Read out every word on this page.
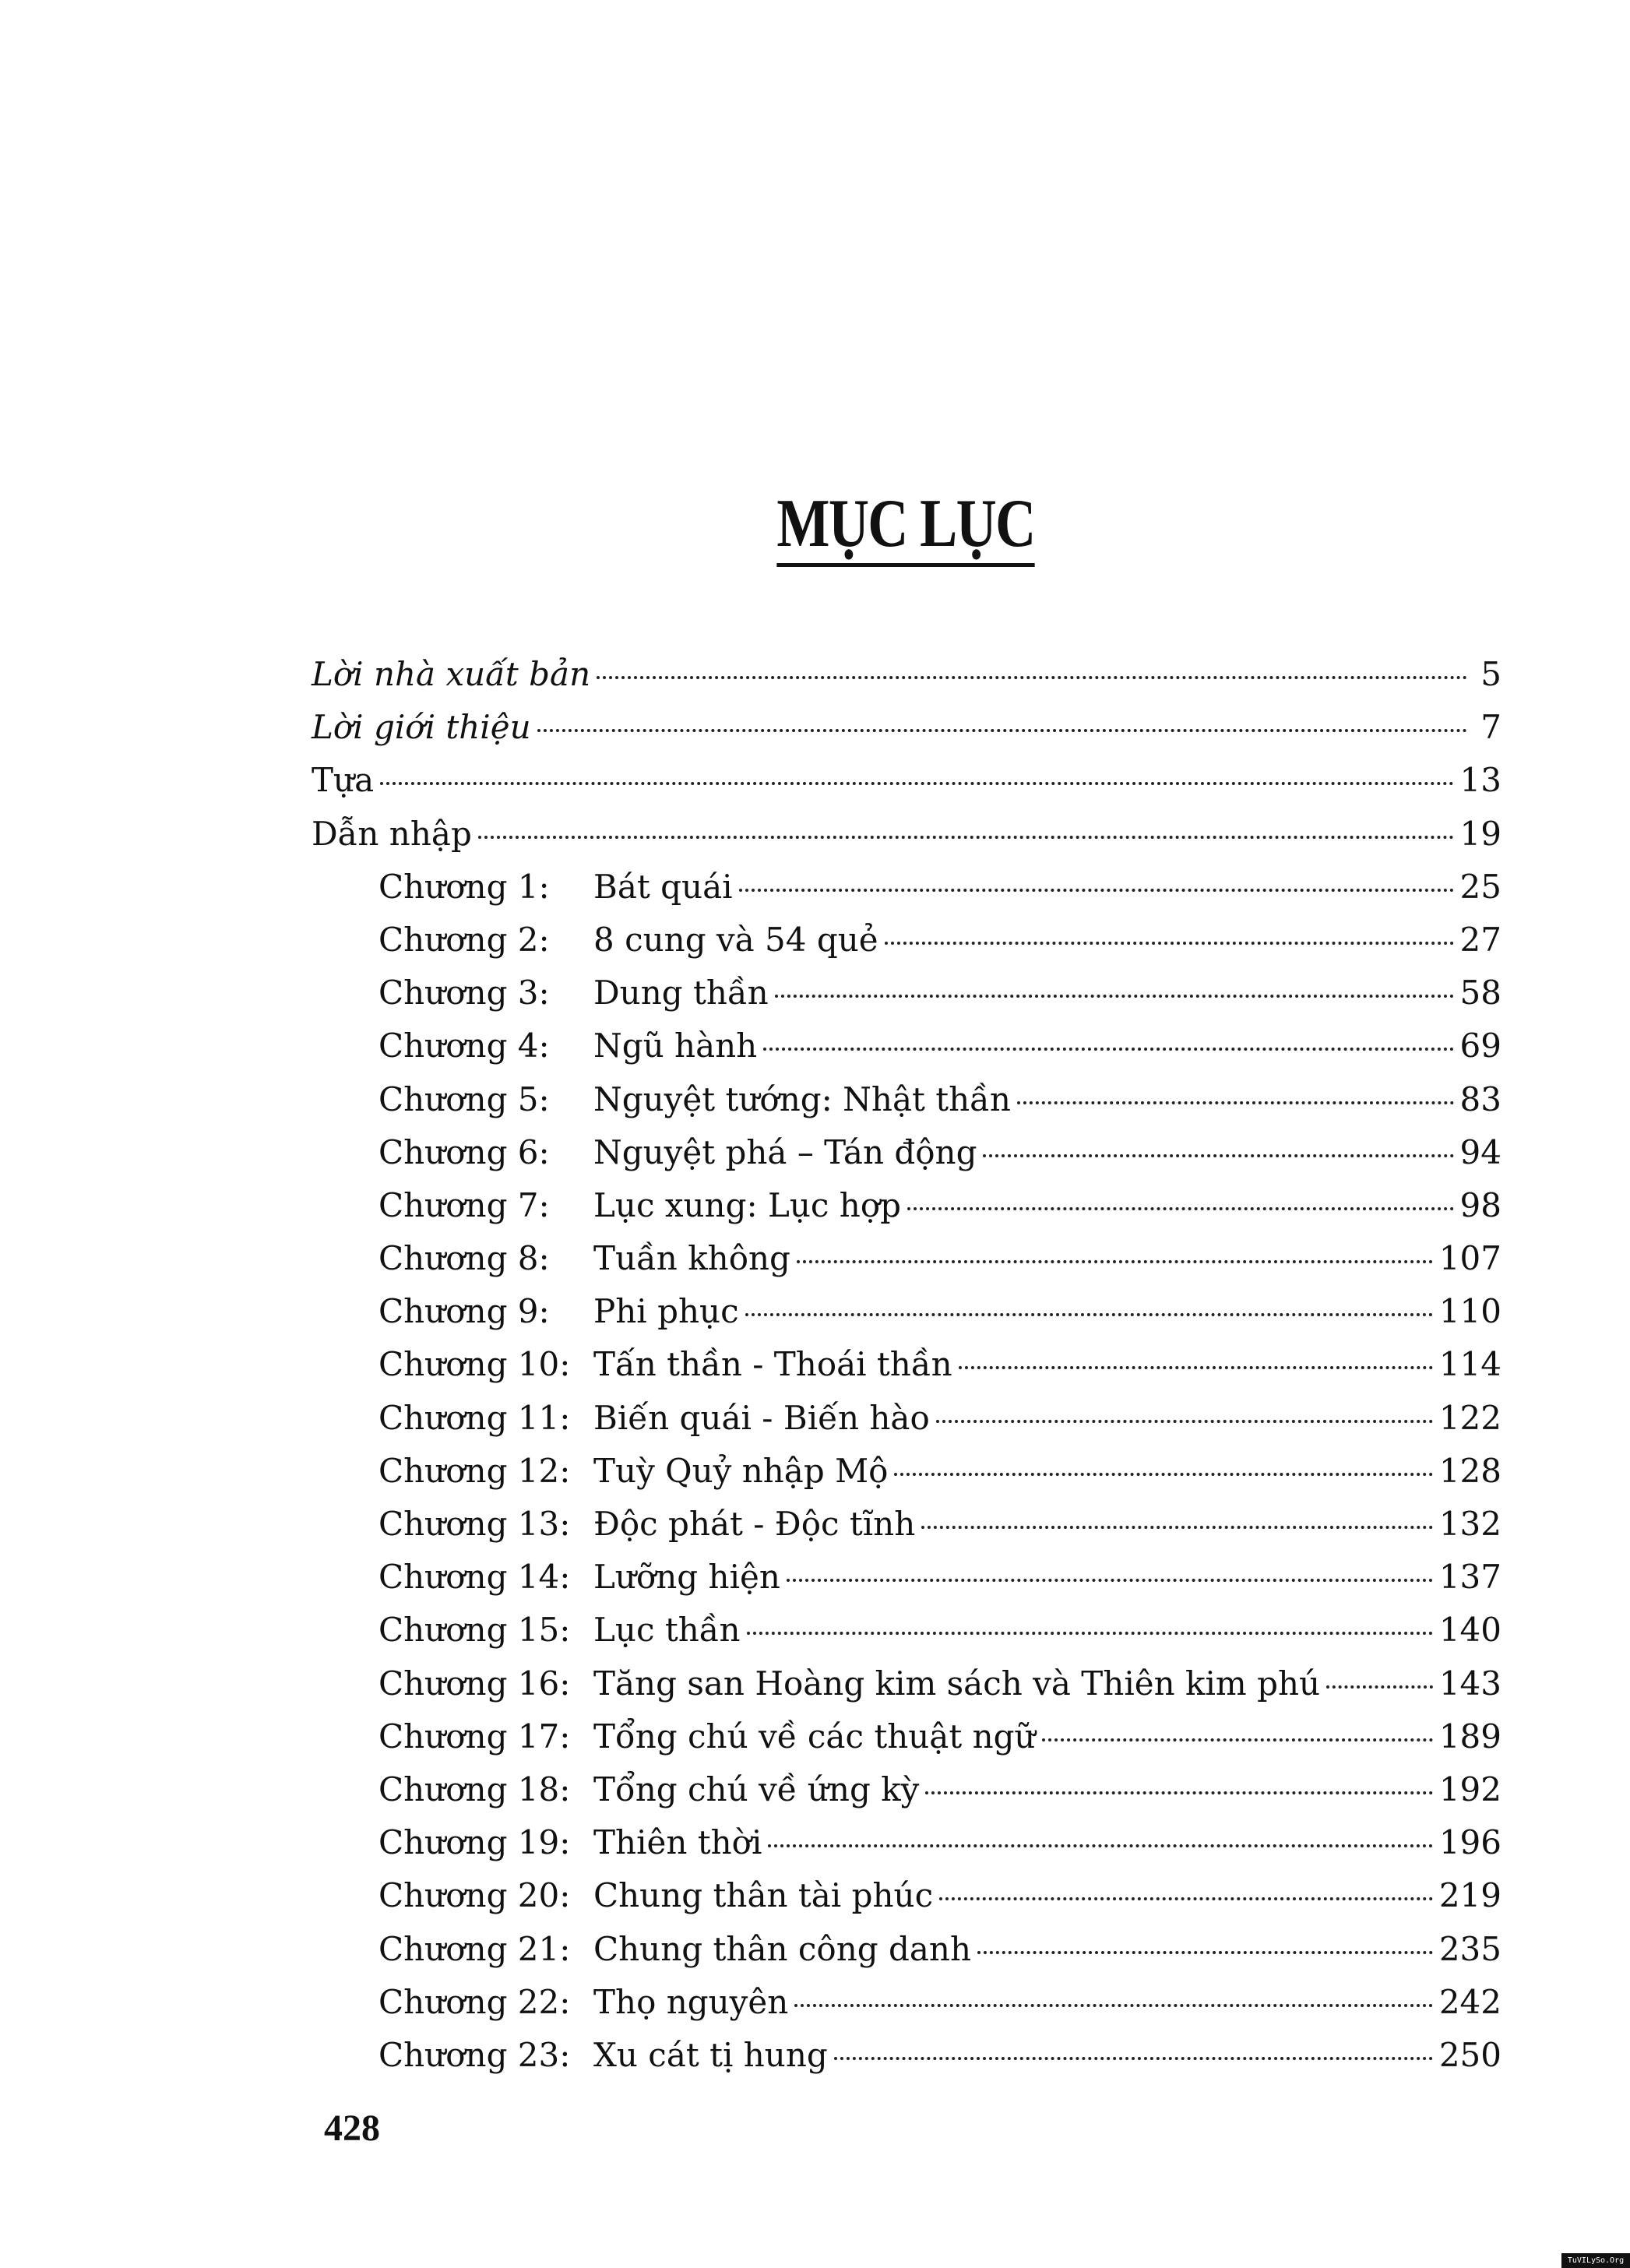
MỤC LỤC
Lời nhà xuất bản	5
Lời giới thiệu	7
Tựa	13
Dẫn nhập	19
Chương 1:	Bát quái	25
Chương 2:	8 cung và 54 quẻ	27
Chương 3:	Dung thần	58
Chương 4:	Ngũ hành	69
Chương 5:	Nguyệt tướng: Nhật thần	83
Chương 6:	Nguyệt phá – Tán động	94
Chương 7:	Lục xung: Lục hợp	98
Chương 8:	Tuần không	107
Chương 9:	Phi phục	110
Chương 10: Tấn thần - Thoái thần	114
Chương 11: Biến quái - Biến hào	122
Chương 12: Tuỳ Quỷ nhập Mộ	128
Chương 13: Độc phát - Độc tĩnh	132
Chương 14: Lưỡng hiện	137
Chương 15: Lục thần	140
Chương 16: Tăng san Hoàng kim sách và Thiên kim phú	143
Chương 17: Tổng chú về các thuật ngữ	189
Chương 18: Tổng chú về ứng kỳ	192
Chương 19: Thiên thời	196
Chương 20: Chung thân tài phúc	219
Chương 21: Chung thân công danh	235
Chương 22: Thọ nguyên	242
Chương 23: Xu cát tị hung	250
428
TuVILySo.Org
